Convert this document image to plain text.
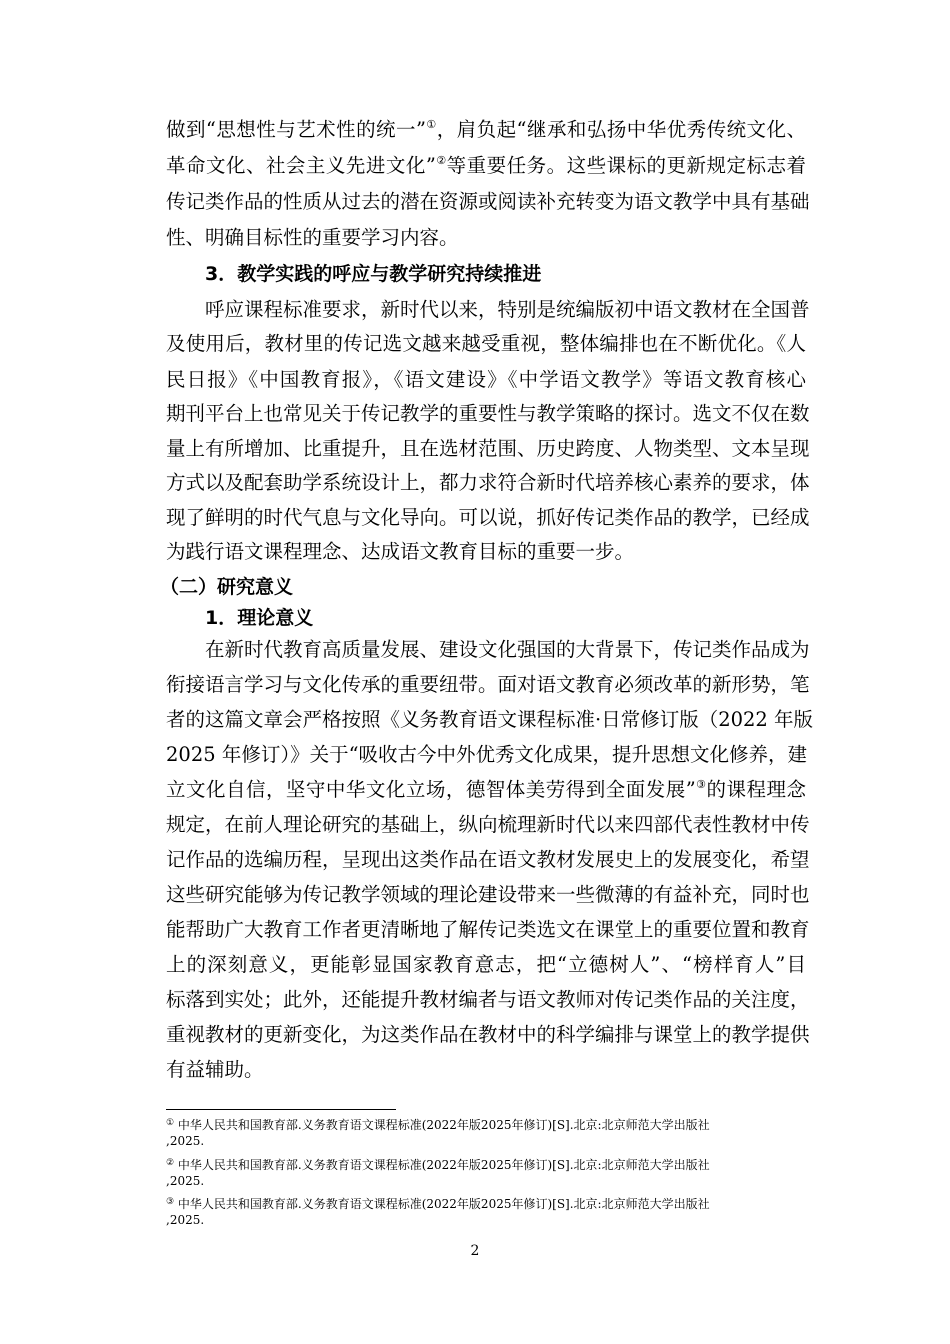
做到“思想性与艺术性的统一”①，肩负起“继承和弘扬中华优秀传统文化、
革命文化、社会主义先进文化”②等重要任务。这些课标的更新规定标志着
传记类作品的性质从过去的潜在资源或阅读补充转变为语文教学中具有基础
性、明确目标性的重要学习内容。
3．教学实践的呼应与教学研究持续推进
呼应课程标准要求，新时代以来，特别是统编版初中语文教材在全国普
及使用后，教材里的传记选文越来越受重视，整体编排也在不断优化。《人
民日报》《中国教育报》，《语文建设》《中学语文教学》等语文教育核心
期刊平台上也常见关于传记教学的重要性与教学策略的探讨。选文不仅在数
量上有所增加、比重提升，且在选材范围、历史跨度、人物类型、文本呈现
方式以及配套助学系统设计上，都力求符合新时代培养核心素养的要求，体
现了鲜明的时代气息与文化导向。可以说，抓好传记类作品的教学，已经成
为践行语文课程理念、达成语文教育目标的重要一步。
（二）研究意义
1．理论意义
在新时代教育高质量发展、建设文化强国的大背景下，传记类作品成为
衔接语言学习与文化传承的重要纽带。面对语文教育必须改革的新形势，笔
者的这篇文章会严格按照《义务教育语文课程标准·日常修订版（2022 年版
2025 年修订）》关于“吸收古今中外优秀文化成果，提升思想文化修养，建
立文化自信，坚守中华文化立场，德智体美劳得到全面发展”③的课程理念
规定，在前人理论研究的基础上，纵向梳理新时代以来四部代表性教材中传
记作品的选编历程，呈现出这类作品在语文教材发展史上的发展变化，希望
这些研究能够为传记教学领域的理论建设带来一些微薄的有益补充，同时也
能帮助广大教育工作者更清晰地了解传记类选文在课堂上的重要位置和教育
上的深刻意义，更能彰显国家教育意志，把“立德树人”、“榜样育人”目
标落到实处；此外，还能提升教材编者与语文教师对传记类作品的关注度，
重视教材的更新变化，为这类作品在教材中的科学编排与课堂上的教学提供
有益辅助。
① 中华人民共和国教育部.义务教育语文课程标准(2022年版2025年修订)[S].北京:北京师范大学出版社
,2025.
② 中华人民共和国教育部.义务教育语文课程标准(2022年版2025年修订)[S].北京:北京师范大学出版社
,2025.
③ 中华人民共和国教育部.义务教育语文课程标准(2022年版2025年修订)[S].北京:北京师范大学出版社
,2025.
2
